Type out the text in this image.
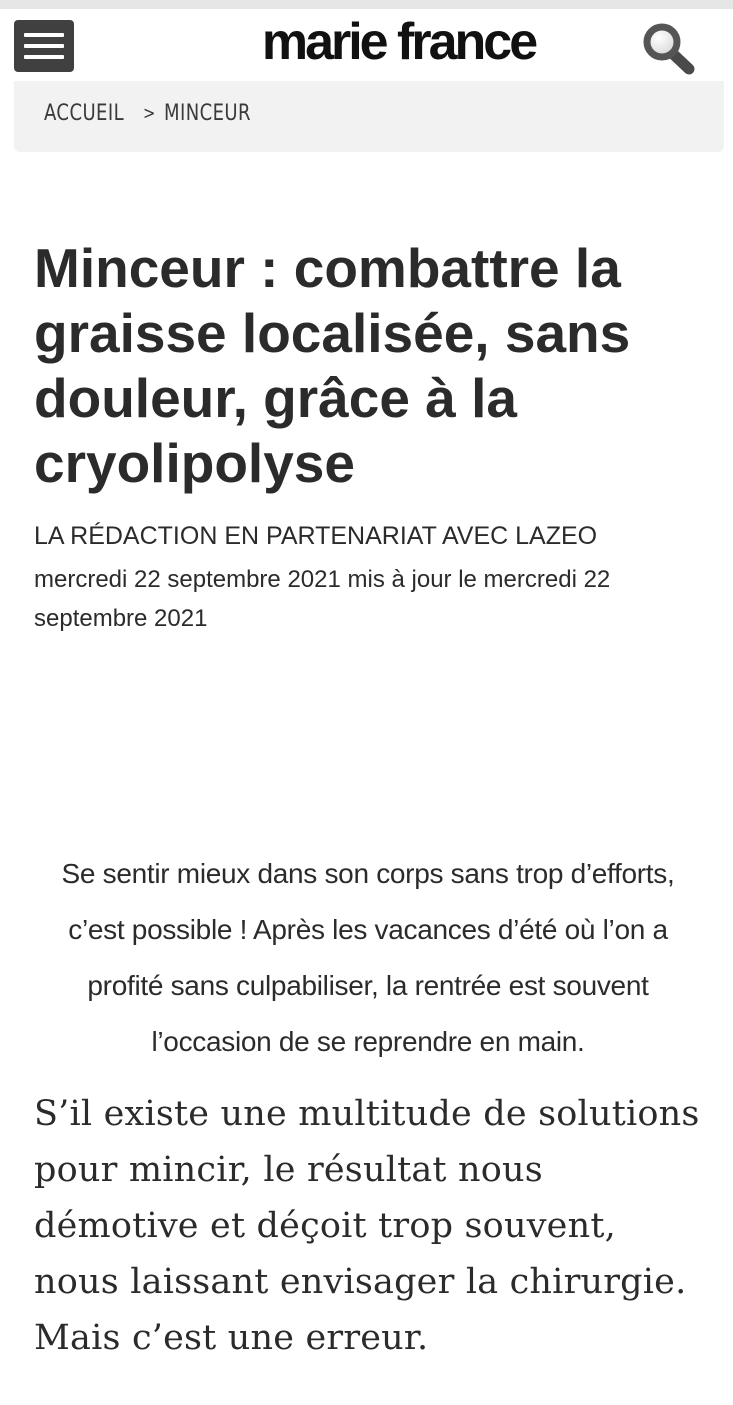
marie france
ACCUEIL > MINCEUR
Minceur : combattre la graisse localisée, sans douleur, grâce à la cryolipolyse
LA RÉDACTION EN PARTENARIAT AVEC LAZEO
mercredi 22 septembre 2021 mis à jour le mercredi 22 septembre 2021

Se sentir mieux dans son corps sans trop d’efforts, c’est possible ! Après les vacances d’été où l’on a profité sans culpabiliser, la rentrée est souvent l’occasion de se reprendre en main.

S’il existe une multitude de solutions pour mincir, le résultat nous démotive et déçoit trop souvent, nous laissant envisager la chirurgie. Mais c’est une erreur.
